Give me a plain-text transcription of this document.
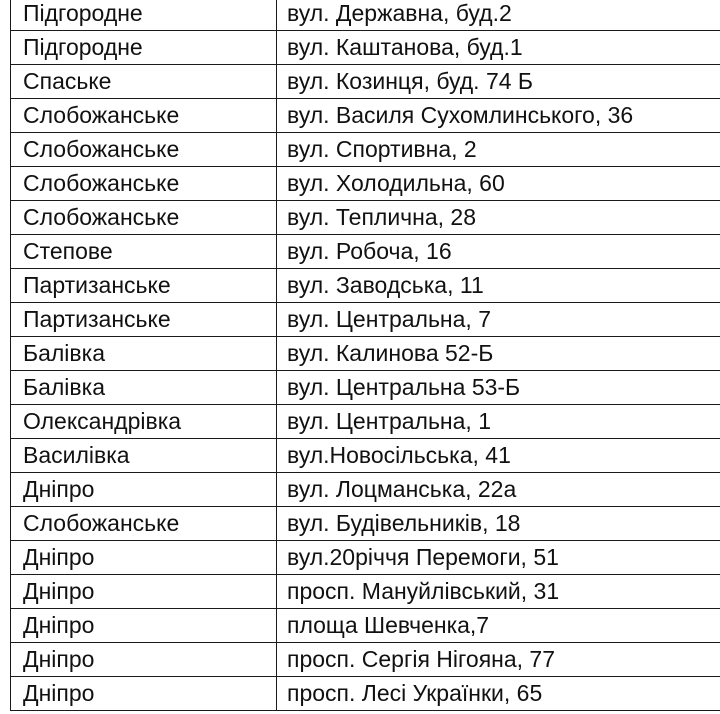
Підгородне	вул. Державна, буд.2
Підгородне	вул. Каштанова, буд.1
Спаське	вул. Козинця, буд. 74 Б
Слобожанське	вул. Василя Сухомлинського, 36
Слобожанське	вул. Спортивна, 2
Слобожанське	вул. Холодильна, 60
Слобожанське	вул. Теплична, 28
Степове	вул. Робоча, 16
Партизанське	вул. Заводська, 11
Партизанське	вул. Центральна, 7
Балівка	вул. Калинова 52-Б
Балівка	вул. Центральна 53-Б
Олександрівка	вул. Центральна, 1
Василівка	вул.Новосільська, 41
Дніпро	вул. Лоцманська, 22а
Слобожанське	вул. Будівельників, 18
Дніпро	вул.20річчя Перемоги, 51
Дніпро	просп. Мануйлівський, 31
Дніпро	площа Шевченка,7
Дніпро	просп. Сергія Нігояна, 77
Дніпро	просп. Лесі Українки, 65
